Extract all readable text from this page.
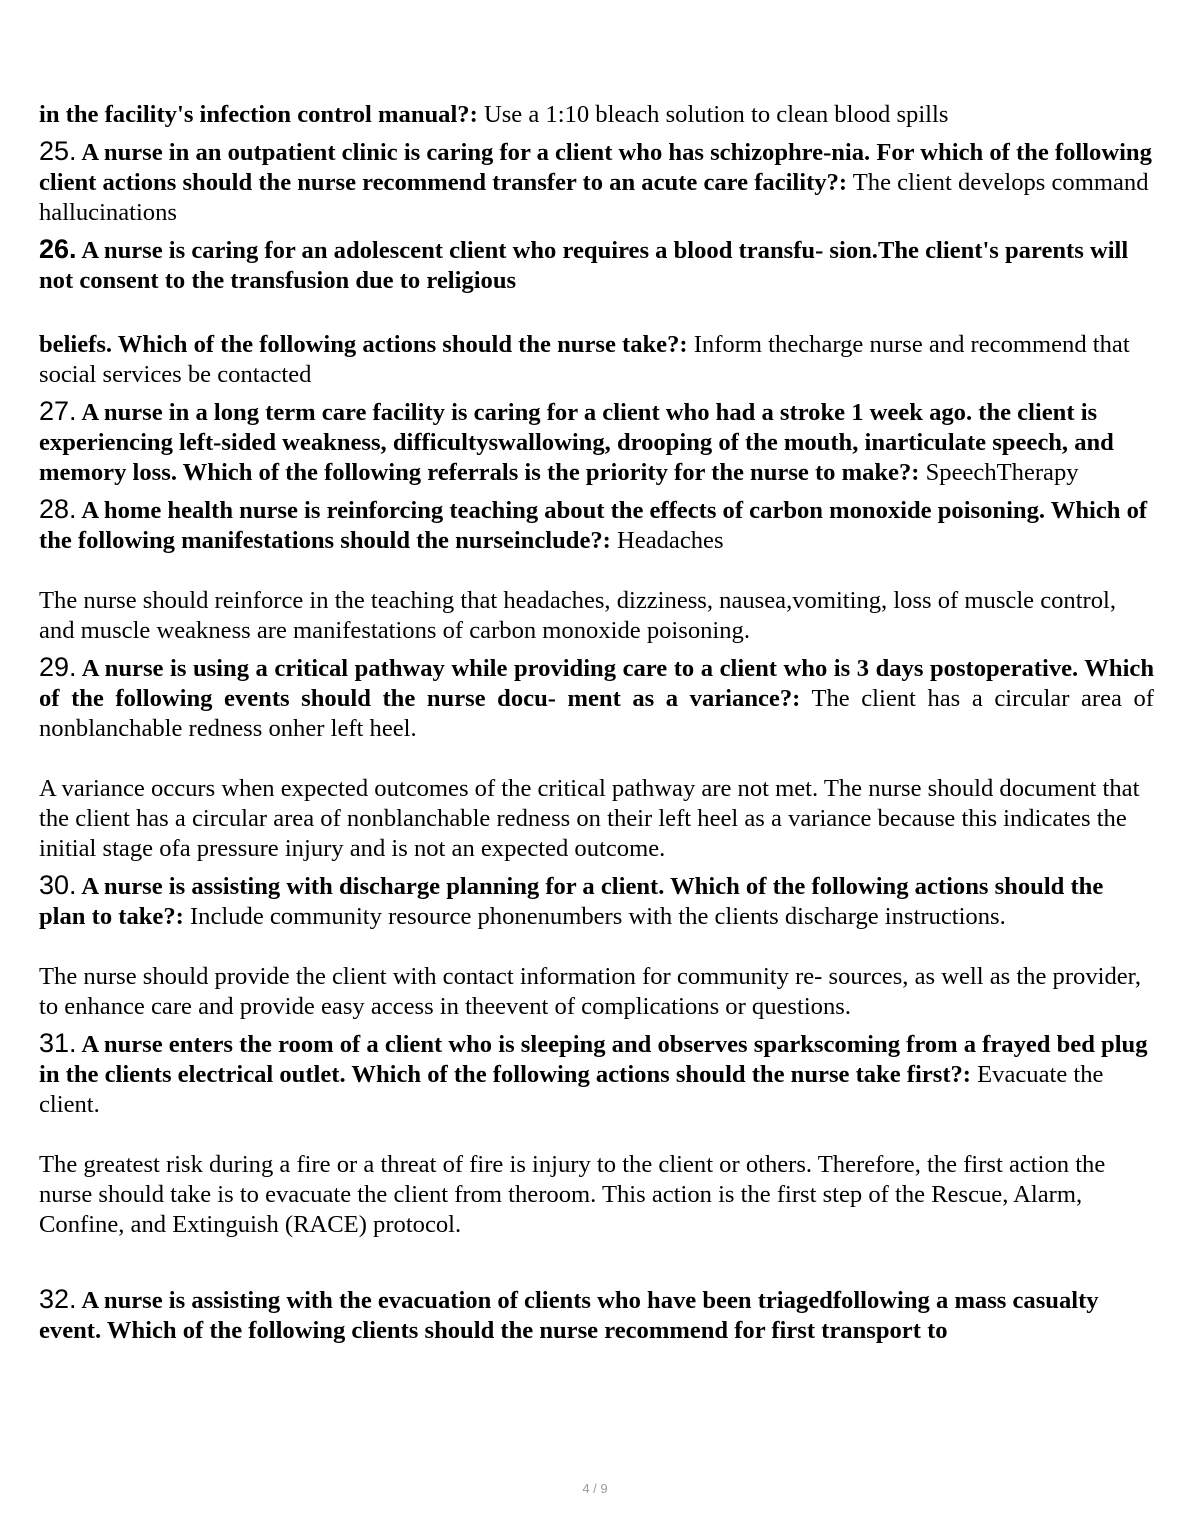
in the facility's infection control manual?: Use a 1:10 bleach solution to clean blood spills

25. A nurse in an outpatient clinic is caring for a client who has schizophre-nia. For which of the following client actions should the nurse recommend transfer to an acute care facility?: The client develops command hallucinations

26. A nurse is caring for an adolescent client who requires a blood transfu- sion.The client's parents will not consent to the transfusion due to religious

beliefs. Which of the following actions should the nurse take?: Inform thecharge nurse and recommend that social services be contacted

27. A nurse in a long term care facility is caring for a client who had a stroke 1 week ago. the client is experiencing left-sided weakness, difficultyswallowing, drooping of the mouth, inarticulate speech, and memory loss. Which of the following referrals is the priority for the nurse to make?: SpeechTherapy

28. A home health nurse is reinforcing teaching about the effects of carbon monoxide poisoning. Which of the following manifestations should the nurseinclude?: Headaches

The nurse should reinforce in the teaching that headaches, dizziness, nausea,vomiting, loss of muscle control, and muscle weakness are manifestations of carbon monoxide poisoning.

29. A nurse is using a critical pathway while providing care to a client who is 3 days postoperative. Which of the following events should the nurse docu- ment as a variance?: The client has a circular area of nonblanchable redness onher left heel.

A variance occurs when expected outcomes of the critical pathway are not met. The nurse should document that the client has a circular area of nonblanchable redness on their left heel as a variance because this indicates the initial stage ofa pressure injury and is not an expected outcome.

30. A nurse is assisting with discharge planning for a client. Which of the following actions should the plan to take?: Include community resource phonenumbers with the clients discharge instructions.

The nurse should provide the client with contact information for community re- sources, as well as the provider, to enhance care and provide easy access in theevent of complications or questions.

31. A nurse enters the room of a client who is sleeping and observes sparkscoming from a frayed bed plug in the clients electrical outlet. Which of the following actions should the nurse take first?: Evacuate the client.

The greatest risk during a fire or a threat of fire is injury to the client or others. Therefore, the first action the nurse should take is to evacuate the client from theroom. This action is the first step of the Rescue, Alarm, Confine, and Extinguish (RACE) protocol.

32. A nurse is assisting with the evacuation of clients who have been triagedfollowing a mass casualty event. Which of the following clients should the nurse recommend for first transport to

4 / 9
